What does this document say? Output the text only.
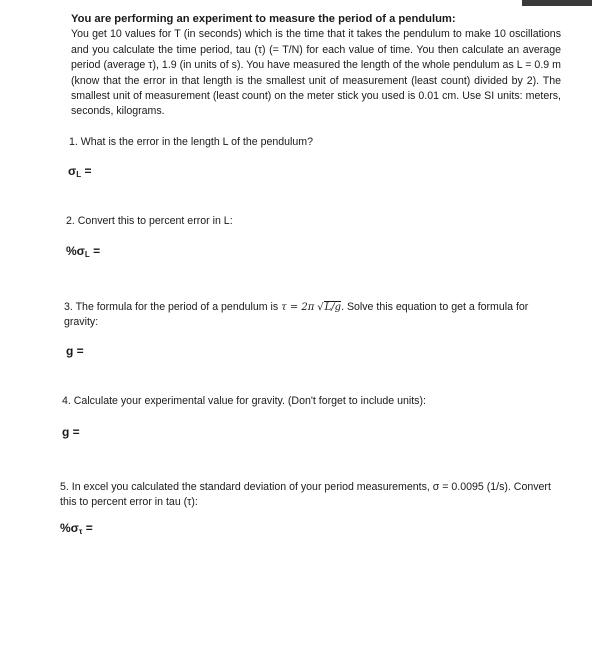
You are performing an experiment to measure the period of a pendulum:
You get 10 values for T (in seconds) which is the time that it takes the pendulum to make 10 oscillations and you calculate the time period, tau (τ) (= T/N) for each value of time. You then calculate an average period (average τ), 1.9 (in units of s). You have measured the length of the whole pendulum as L = 0.9 m (know that the error in that length is the smallest unit of measurement (least count) divided by 2). The smallest unit of measurement (least count) on the meter stick you used is 0.01 cm. Use SI units: meters, seconds, kilograms.
1. What is the error in the length L of the pendulum?
$\sigma_L$ =
2. Convert this to percent error in L:
$\%\sigma_L$ =
3. The formula for the period of a pendulum is τ = 2π √L/g. Solve this equation to get a formula for gravity:
g =
4. Calculate your experimental value for gravity. (Don't forget to include units):
g =
5. In excel you calculated the standard deviation of your period measurements, σ = 0.0095 (1/s). Convert this to percent error in tau (τ):
$\%\sigma_\tau$ =
